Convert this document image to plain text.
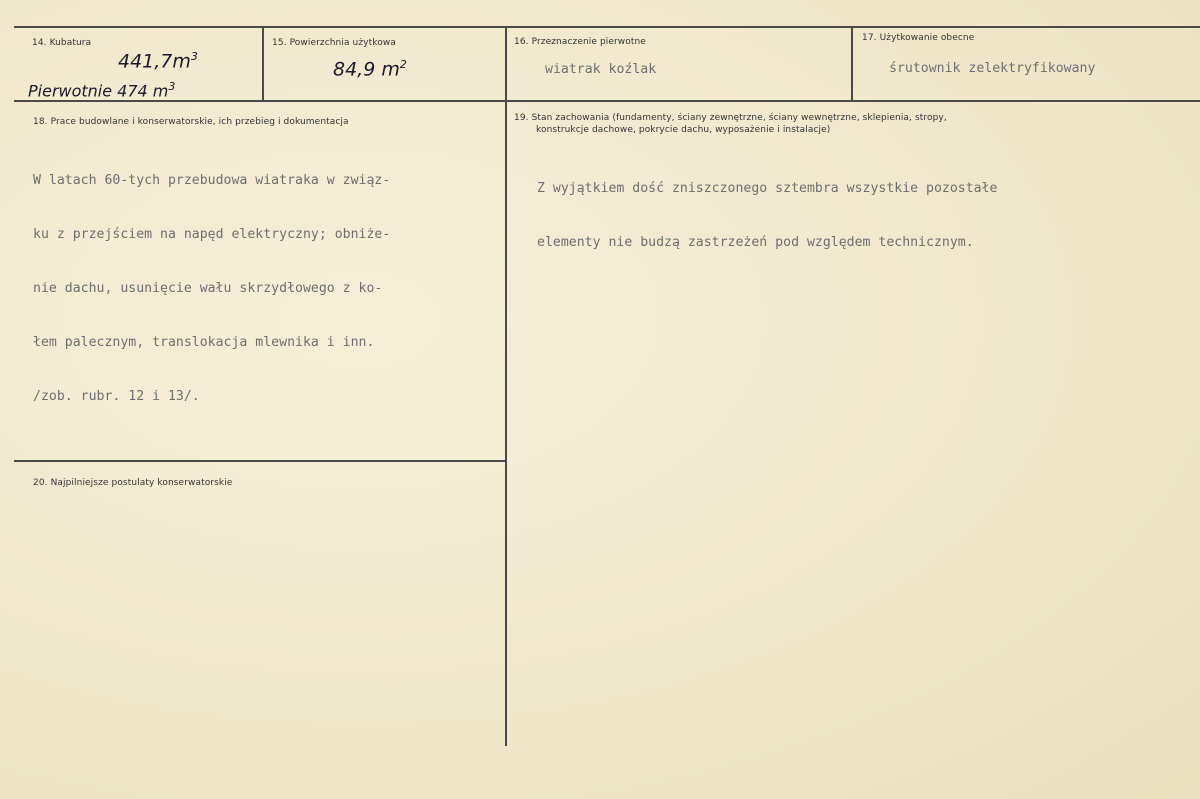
14. Kubatura
$441,7m^3$
Pierwotnie 474 $m^3$
15. Powierzchnia użytkowa
84,9 $m^2$
16. Przeznaczenie pierwotne
wiatrak koźlak
17. Użytkowanie obecne
śrutownik zelektryfikowany
18. Prace budowlane i konserwatorskie, ich przebieg i dokumentacja

W latach 60-tych przebudowa wiatraka w związ-

ku z przejściem na napęd elektryczny; obniże-

nie dachu, usunięcie wału skrzydłowego z ko-

łem palecznym, translokacja mlewnika i inn.

/zob. rubr. 12 i 13/.

19. Stan zachowania (fundamenty, ściany zewnętrzne, ściany wewnętrzne, sklepienia, stropy,
konstrukcje dachowe, pokrycie dachu, wyposażenie i instalacje)

Z wyjątkiem dość zniszczonego sztembra wszystkie pozostałe

elementy nie budzą zastrzeżeń pod względem technicznym.

20. Najpilniejsze postulaty konserwatorskie
